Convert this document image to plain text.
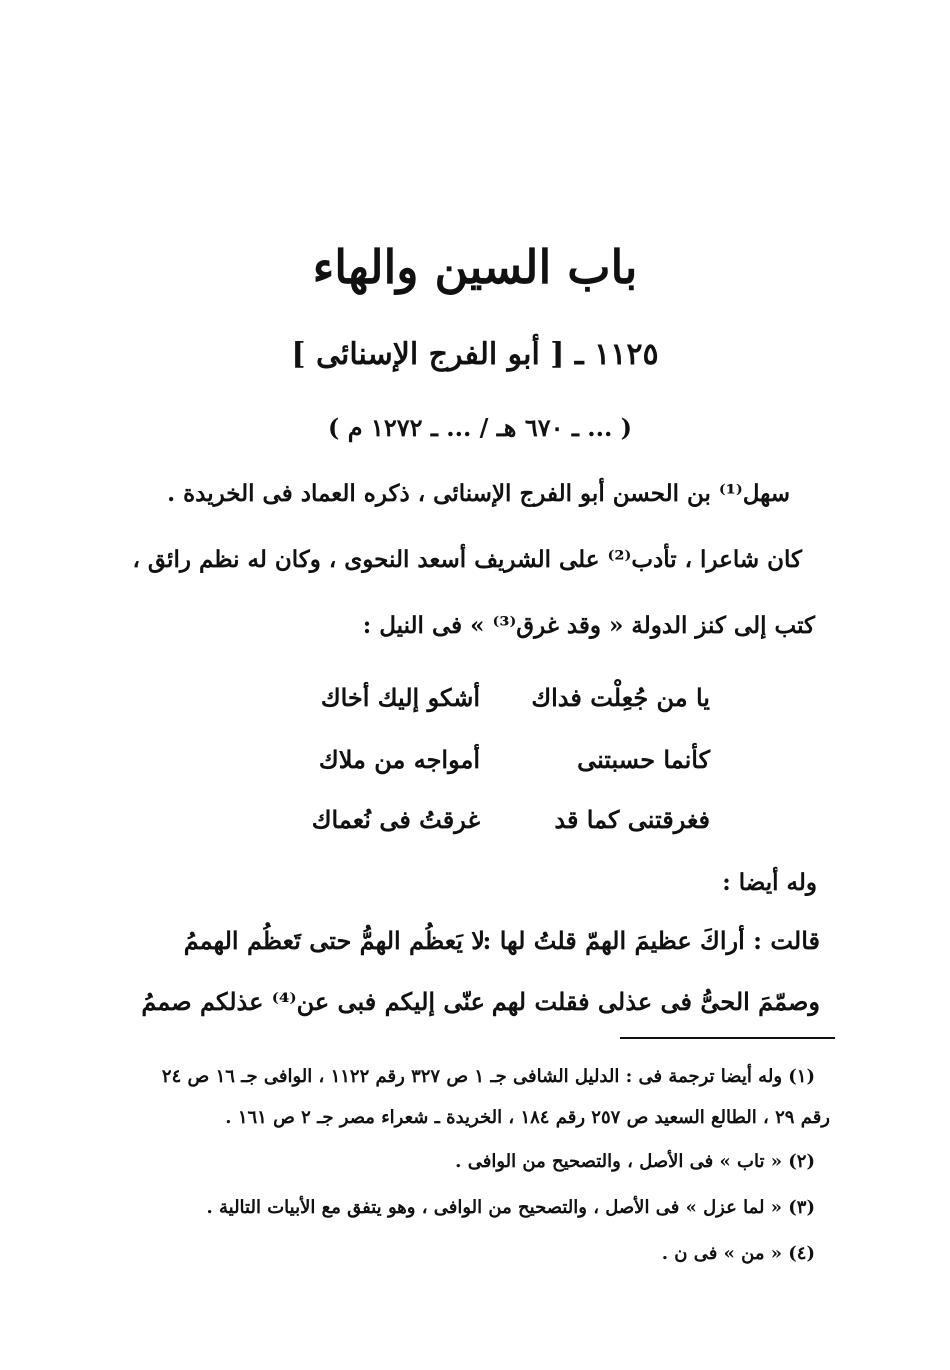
باب السين والهاء
١١٢٥ ـ [ أبو الفرج الإسنائى ]
( ... ـ ٦٧٠ هـ / ... ـ ١٢٧٢ م )
سهل⁽¹⁾ بن الحسن أبو الفرج الإسنائى ، ذكره العماد فى الخريدة .
كان شاعرا ، تأدب⁽²⁾ على الشريف أسعد النحوى ، وكان له نظم رائق ،
كتب إلى كنز الدولة « وقد غرق⁽³⁾ » فى النيل :
يا من جُعِلْت فداك
أشكو إليك أخاك
كأنما حسبتنى
أمواجه من ملاك
فغرقتنى كما قد
غرقتُ فى نُعماك
وله أيضا :
قالت : أراكَ عظيمَ الهمّ قلتُ لها :
لا يَعظُم الهمُّ حتى تَعظُم الهممُ
وصمّمَ الحىُّ فى عذلى فقلت لهم
عنّى إليكم فبى عن⁽⁴⁾ عذلكم صممُ
(١) وله أيضا ترجمة فى : الدليل الشافى جـ ١ ص ٣٢٧ رقم ١١٢٢ ، الوافى جـ ١٦ ص ٢٤
رقم ٢٩ ، الطالع السعيد ص ٢٥٧ رقم ١٨٤ ، الخريدة ـ شعراء مصر جـ ٢ ص ١٦١ .
(٢) « تاب » فى الأصل ، والتصحيح من الوافى .
(٣) « لما عزل » فى الأصل ، والتصحيح من الوافى ، وهو يتفق مع الأبيات التالية .
(٤) « من » فى ن .
